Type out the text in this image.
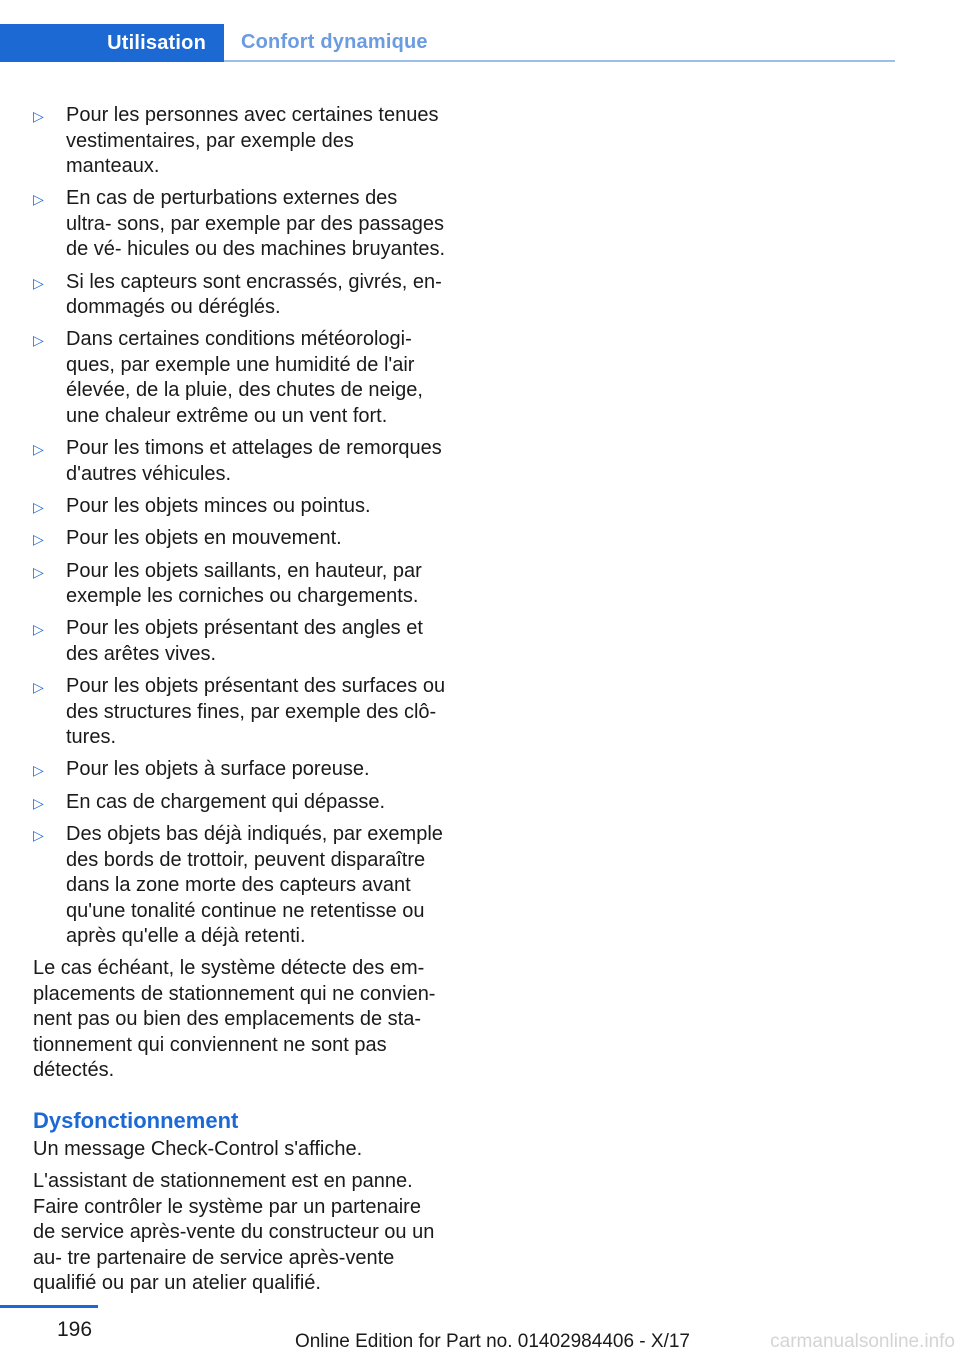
Utilisation	Confort dynamique
▷ Pour les personnes avec certaines tenues vestimentaires, par exemple des manteaux.
▷ En cas de perturbations externes des ultra- sons, par exemple par des passages de vé- hicules ou des machines bruyantes.
▷ Si les capteurs sont encrassés, givrés, en- dommagés ou déréglés.
▷ Dans certaines conditions météorologi- ques, par exemple une humidité de l'air élevée, de la pluie, des chutes de neige, une chaleur extrême ou un vent fort.
▷ Pour les timons et attelages de remorques d'autres véhicules.
▷ Pour les objets minces ou pointus.
▷ Pour les objets en mouvement.
▷ Pour les objets saillants, en hauteur, par exemple les corniches ou chargements.
▷ Pour les objets présentant des angles et des arêtes vives.
▷ Pour les objets présentant des surfaces ou des structures fines, par exemple des clô- tures.
▷ Pour les objets à surface poreuse.
▷ En cas de chargement qui dépasse.
▷ Des objets bas déjà indiqués, par exemple des bords de trottoir, peuvent disparaître dans la zone morte des capteurs avant qu'une tonalité continue ne retentisse ou après qu'elle a déjà retenti.

Le cas échéant, le système détecte des em- placements de stationnement qui ne convien- nent pas ou bien des emplacements de sta- tionnement qui conviennent ne sont pas détectés.

Dysfonctionnement

Un message Check-Control s'affiche.

L'assistant de stationnement est en panne. Faire contrôler le système par un partenaire de service après-vente du constructeur ou un au- tre partenaire de service après-vente qualifié ou par un atelier qualifié.

196
Online Edition for Part no. 01402984406 - X/17	carmanualsonline.info
